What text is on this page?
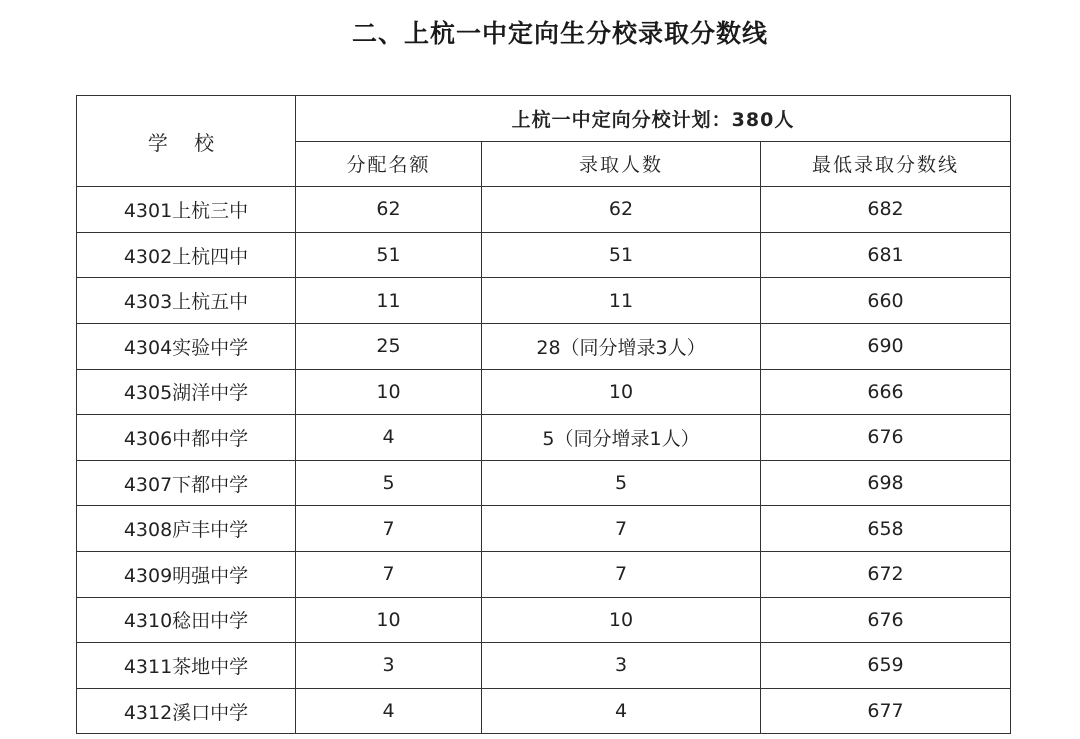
二、上杭一中定向生分校录取分数线
学 校	上杭一中定向分校计划：380人		
	分配名额	录取人数	最低录取分数线
4301上杭三中	62	62	682
4302上杭四中	51	51	681
4303上杭五中	11	11	660
4304实验中学	25	28（同分增录3人）	690
4305湖洋中学	10	10	666
4306中都中学	4	5（同分增录1人）	676
4307下都中学	5	5	698
4308庐丰中学	7	7	658
4309明强中学	7	7	672
4310稔田中学	10	10	676
4311茶地中学	3	3	659
4312溪口中学	4	4	677
